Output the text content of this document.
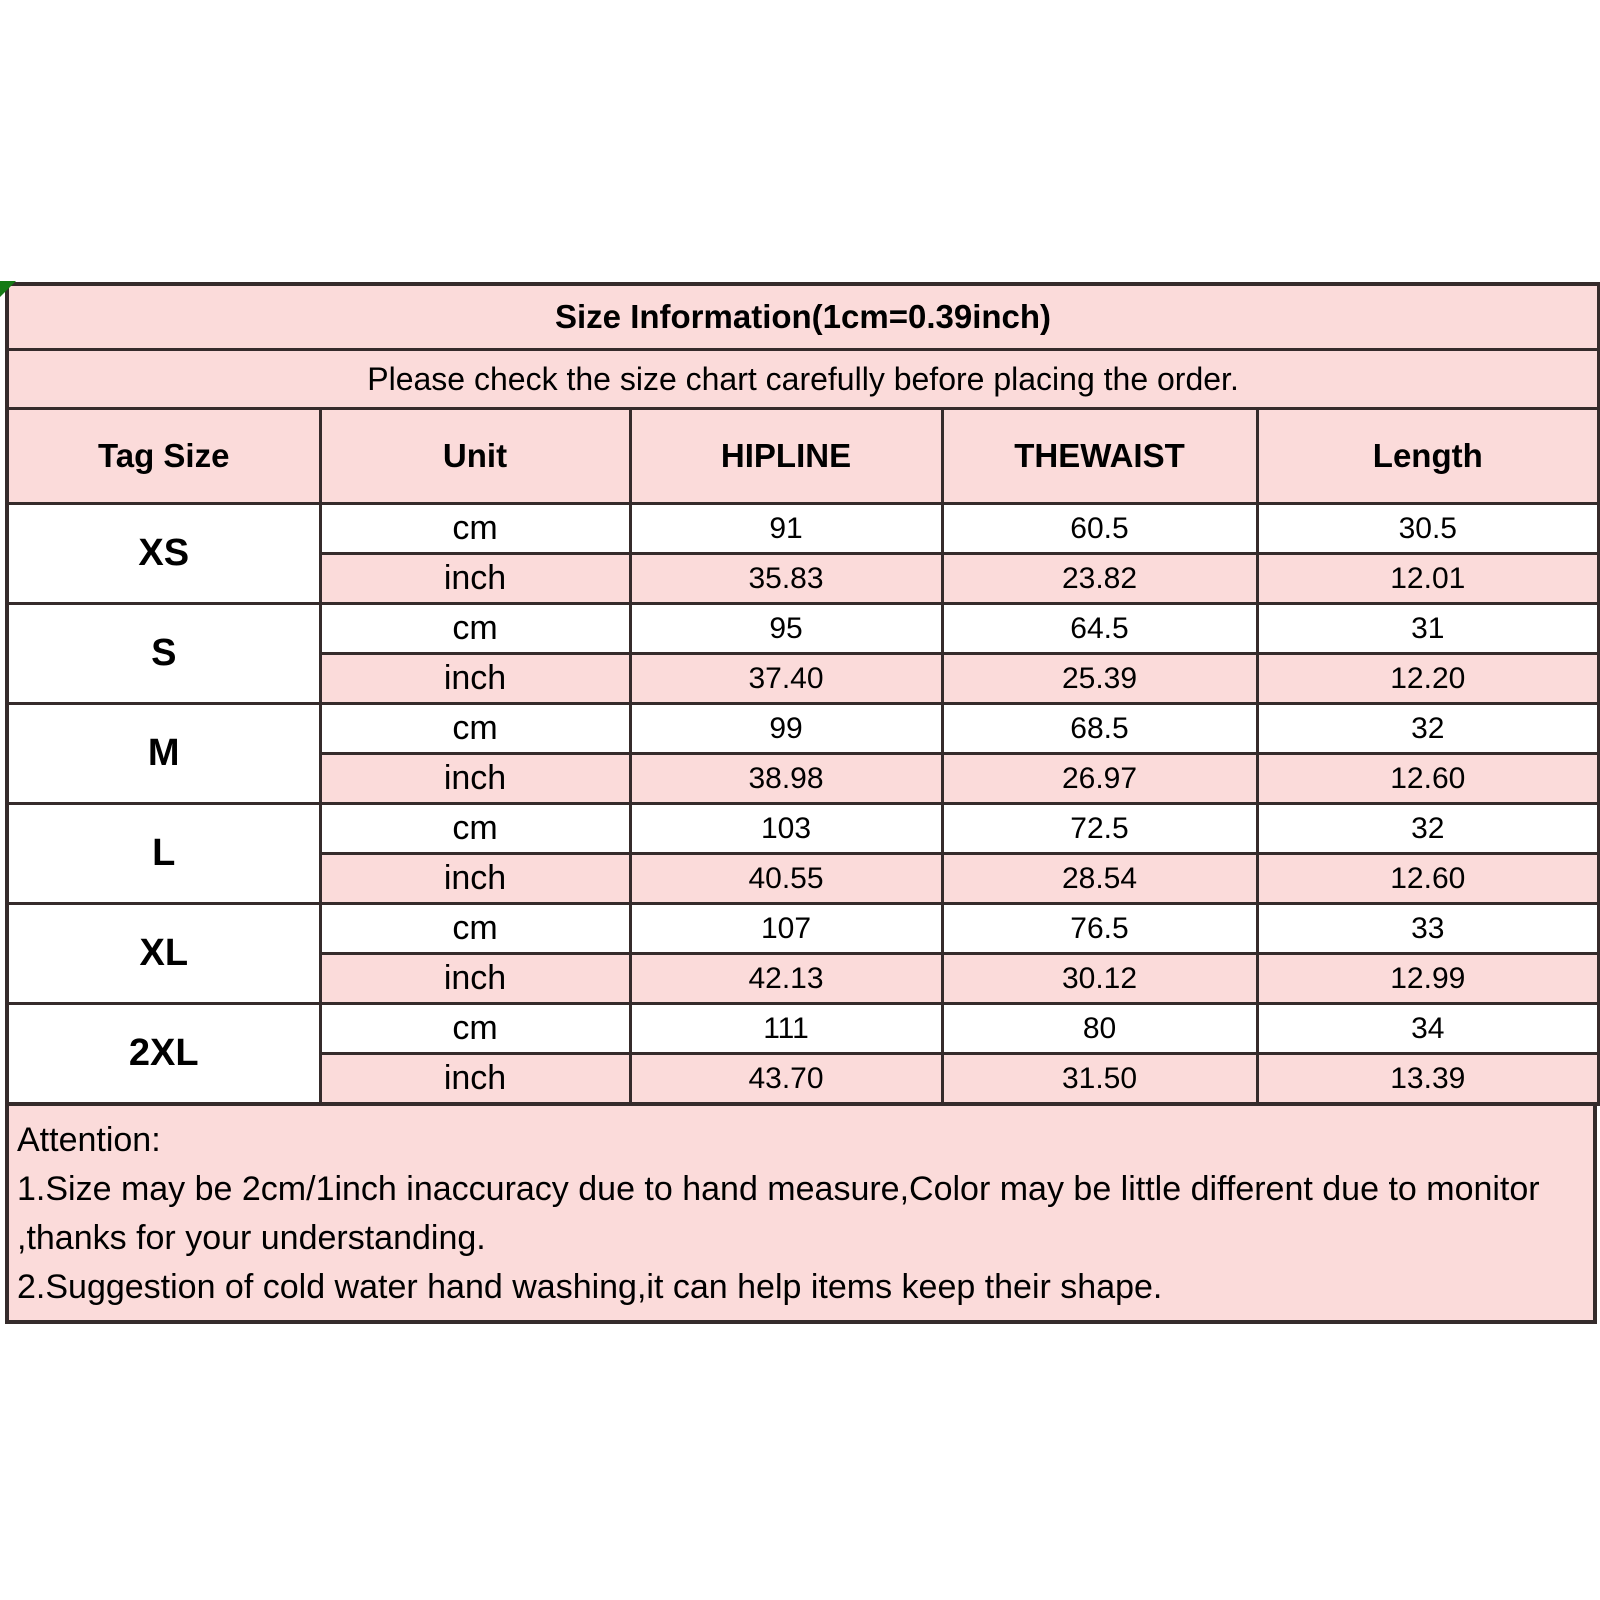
Size Information(1cm=0.39inch)				
Please check the size chart carefully before placing the order.				
Tag Size	Unit	HIPLINE	THEWAIST	Length
XS	cm	91	60.5	30.5
	inch	35.83	23.82	12.01
S	cm	95	64.5	31
	inch	37.40	25.39	12.20
M	cm	99	68.5	32
	inch	38.98	26.97	12.60
L	cm	103	72.5	32
	inch	40.55	28.54	12.60
XL	cm	107	76.5	33
	inch	42.13	30.12	12.99
2XL	cm	111	80	34
	inch	43.70	31.50	13.39
Attention:
1.Size may be 2cm/1inch inaccuracy due to hand measure,Color may be little different due to monitor
,thanks for your understanding.
2.Suggestion of cold water hand washing,it can help items keep their shape.
